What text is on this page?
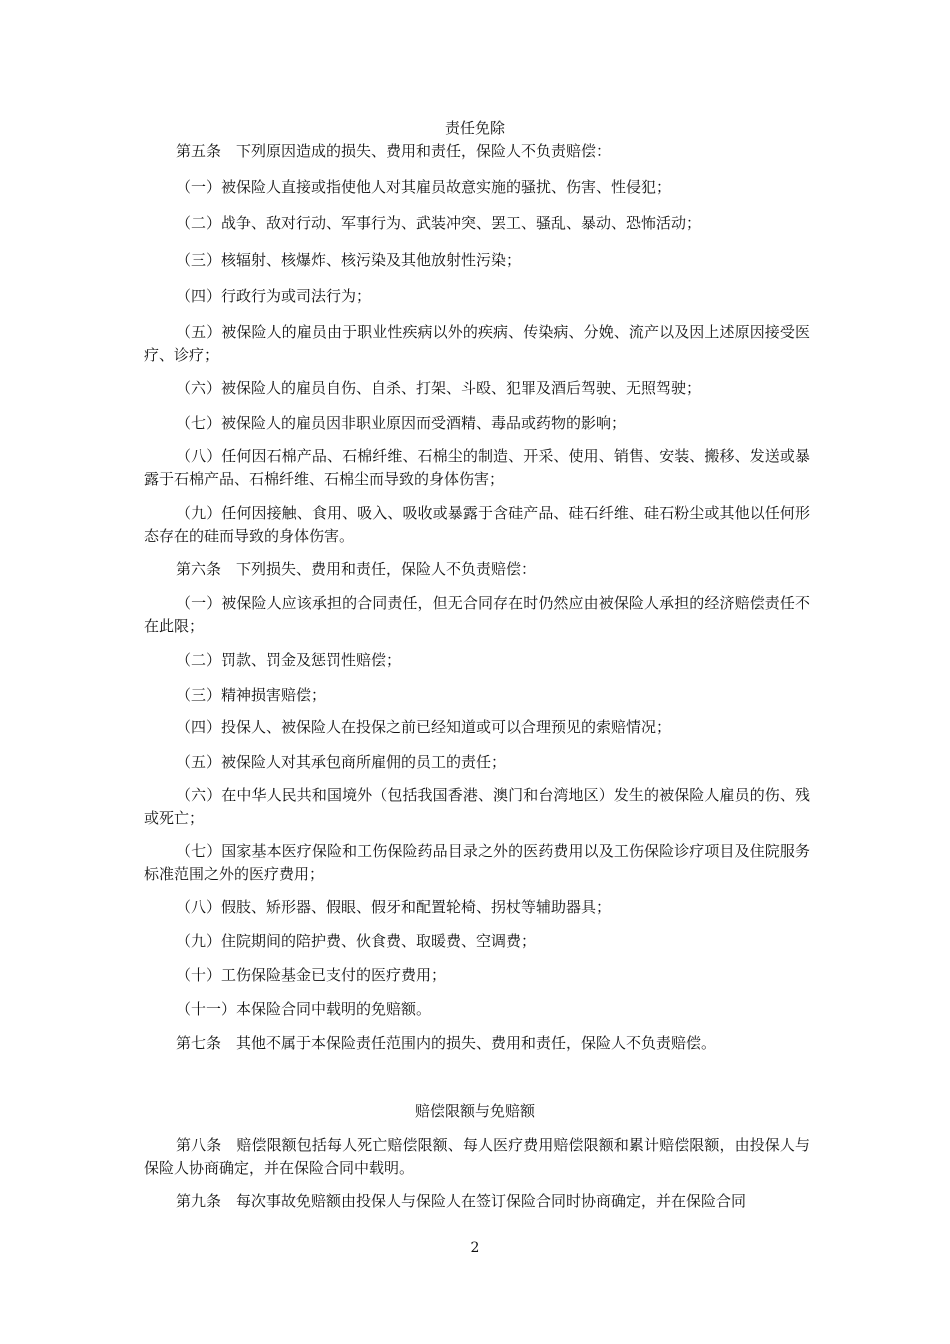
责任免除

第五条　下列原因造成的损失、费用和责任，保险人不负责赔偿：

（一）被保险人直接或指使他人对其雇员故意实施的骚扰、伤害、性侵犯；

（二）战争、敌对行动、军事行为、武装冲突、罢工、骚乱、暴动、恐怖活动；

（三）核辐射、核爆炸、核污染及其他放射性污染；

（四）行政行为或司法行为；

（五）被保险人的雇员由于职业性疾病以外的疾病、传染病、分娩、流产以及因上述原因接受医疗、诊疗；

（六）被保险人的雇员自伤、自杀、打架、斗殴、犯罪及酒后驾驶、无照驾驶；

（七）被保险人的雇员因非职业原因而受酒精、毒品或药物的影响；

（八）任何因石棉产品、石棉纤维、石棉尘的制造、开采、使用、销售、安装、搬移、发送或暴露于石棉产品、石棉纤维、石棉尘而导致的身体伤害；

（九）任何因接触、食用、吸入、吸收或暴露于含硅产品、硅石纤维、硅石粉尘或其他以任何形态存在的硅而导致的身体伤害。

第六条　下列损失、费用和责任，保险人不负责赔偿：

（一）被保险人应该承担的合同责任，但无合同存在时仍然应由被保险人承担的经济赔偿责任不在此限；

（二）罚款、罚金及惩罚性赔偿；

（三）精神损害赔偿；

（四）投保人、被保险人在投保之前已经知道或可以合理预见的索赔情况；

（五）被保险人对其承包商所雇佣的员工的责任；

（六）在中华人民共和国境外（包括我国香港、澳门和台湾地区）发生的被保险人雇员的伤、残或死亡；

（七）国家基本医疗保险和工伤保险药品目录之外的医药费用以及工伤保险诊疗项目及住院服务标准范围之外的医疗费用；

（八）假肢、矫形器、假眼、假牙和配置轮椅、拐杖等辅助器具；

（九）住院期间的陪护费、伙食费、取暖费、空调费；

（十）工伤保险基金已支付的医疗费用；

（十一）本保险合同中载明的免赔额。

第七条　其他不属于本保险责任范围内的损失、费用和责任，保险人不负责赔偿。

赔偿限额与免赔额

第八条　赔偿限额包括每人死亡赔偿限额、每人医疗费用赔偿限额和累计赔偿限额，由投保人与保险人协商确定，并在保险合同中载明。

第九条　每次事故免赔额由投保人与保险人在签订保险合同时协商确定，并在保险合同

2
